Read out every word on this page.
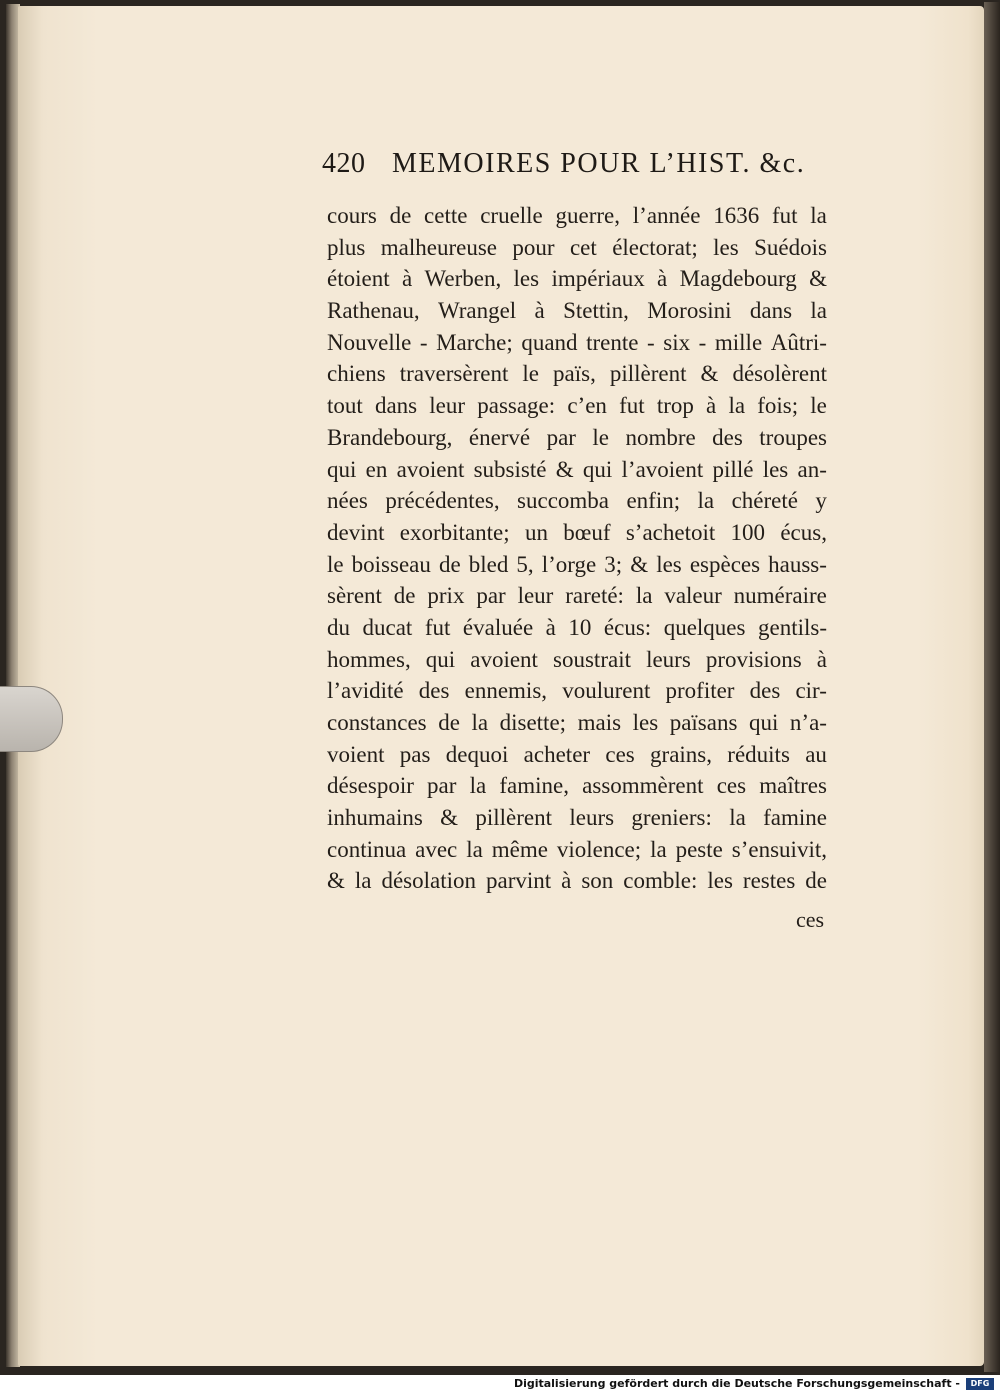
420 MEMOIRES POUR L’HIST. &c.
cours de cette cruelle guerre, l’année 1636 fut la
plus malheureuse pour cet électorat; les Suédois
étoient à Werben, les impériaux à Magdebourg &
Rathenau, Wrangel à Stettin, Morosini dans la
Nouvelle - Marche; quand trente - six - mille Aûtri-
chiens traversèrent le païs, pillèrent & désolèrent
tout dans leur passage: c’en fut trop à la fois; le
Brandebourg, énervé par le nombre des troupes
qui en avoient subsisté & qui l’avoient pillé les an-
nées précédentes, succomba enfin; la chéreté y
devint exorbitante; un bœuf s’achetoit 100 écus,
le boisseau de bled 5, l’orge 3; & les espèces hauss-
sèrent de prix par leur rareté: la valeur numéraire
du ducat fut évaluée à 10 écus: quelques gentils-
hommes, qui avoient soustrait leurs provisions à
l’avidité des ennemis, voulurent profiter des cir-
constances de la disette; mais les païsans qui n’a-
voient pas dequoi acheter ces grains, réduits au
désespoir par la famine, assommèrent ces maîtres
inhumains & pillèrent leurs greniers: la famine
continua avec la même violence; la peste s’ensuivit,
& la désolation parvint à son comble: les restes de
ces
Digitalisierung gefördert durch die Deutsche Forschungsgemeinschaft -	DFG
